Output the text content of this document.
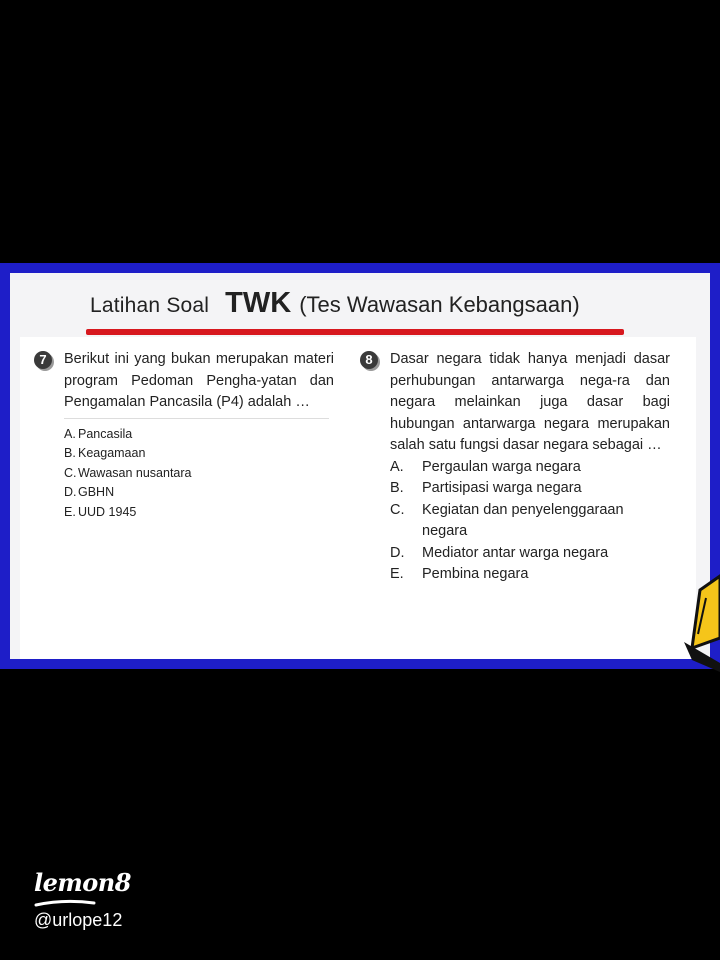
Latihan Soal TWK (Tes Wawasan Kebangsaan)
7	Berikut ini yang bukan merupakan materi program Pedoman Pengha-yatan dan Pengamalan Pancasila (P4) adalah …
A. Pancasila
B. Keagamaan
C. Wawasan nusantara
D. GBHN
E. UUD 1945
8	Dasar negara tidak hanya menjadi dasar perhubungan antarwarga nega-ra dan negara melainkan juga dasar bagi hubungan antarwarga negara merupakan salah satu fungsi dasar negara sebagai …
A. Pergaulan warga negara
B. Partisipasi warga negara
C. Kegiatan dan penyelenggaraan negara
D. Mediator antar warga negara
E. Pembina negara
lemon8
@urlope12
